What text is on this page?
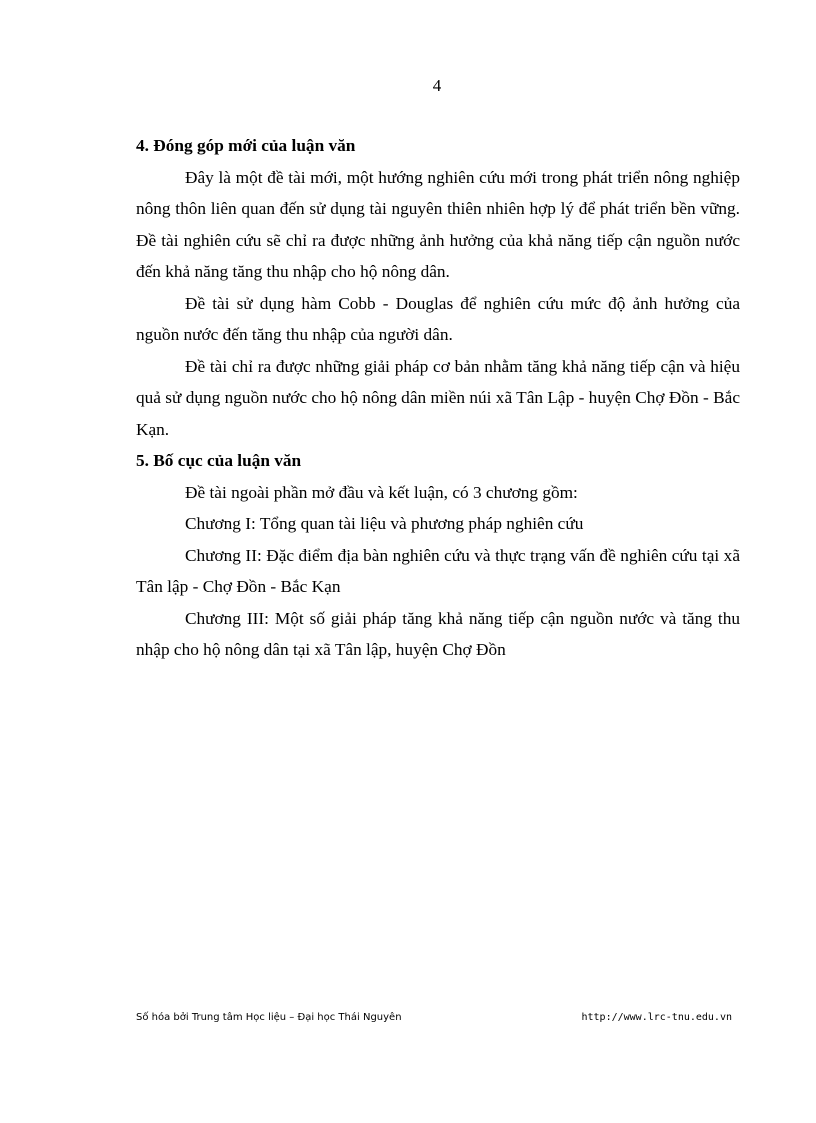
4

4. Đóng góp mới của luận văn

Đây là một đề tài mới, một hướng nghiên cứu mới trong phát triển nông nghiệp nông thôn liên quan đến sử dụng tài nguyên thiên nhiên hợp lý để phát triển bền vững. Đề tài nghiên cứu sẽ chỉ ra được những ảnh hưởng của khả năng tiếp cận nguồn nước đến khả năng tăng thu nhập cho hộ nông dân.

Đề tài sử dụng hàm Cobb - Douglas để nghiên cứu mức độ ảnh hưởng của nguồn nước đến tăng thu nhập của người dân.

Đề tài chỉ ra được những giải pháp cơ bản nhằm tăng khả năng tiếp cận và hiệu quả sử dụng nguồn nước cho hộ nông dân miền núi xã Tân Lập - huyện Chợ Đồn - Bắc Kạn.

5. Bố cục của luận văn

Đề tài ngoài phần mở đầu và kết luận, có 3 chương gồm:

Chương I: Tổng quan tài liệu và phương pháp nghiên cứu

Chương II: Đặc điểm địa bàn nghiên cứu và thực trạng vấn đề nghiên cứu tại xã Tân lập - Chợ Đồn - Bắc Kạn

Chương III: Một số giải pháp tăng khả năng tiếp cận nguồn nước và tăng thu nhập cho hộ nông dân tại xã Tân lập, huyện Chợ Đồn

Số hóa bởi Trung tâm Học liệu – Đại học Thái Nguyên	http://www.lrc-tnu.edu.vn
